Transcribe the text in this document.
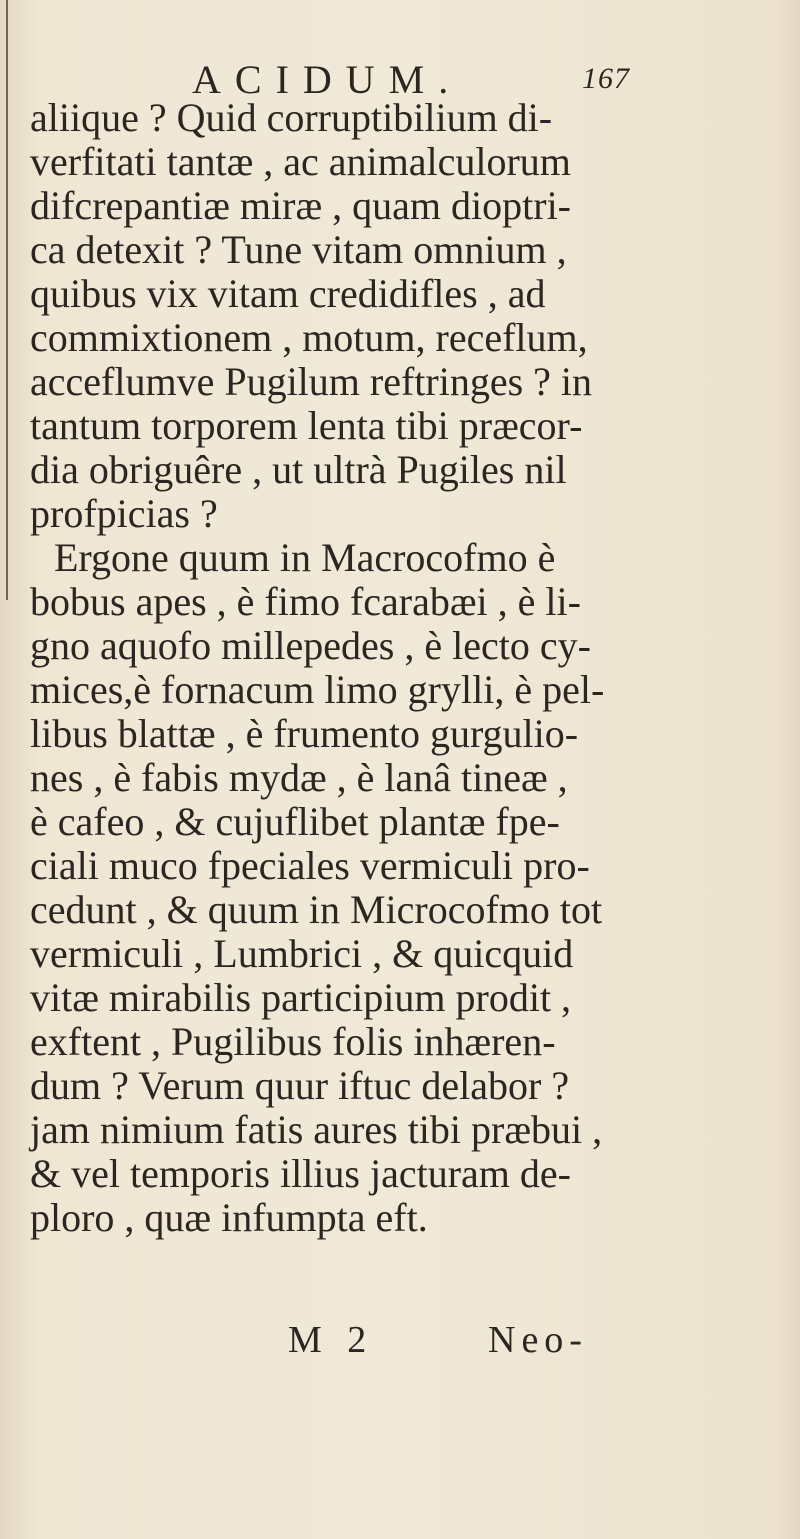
ACIDUM.	167
aliique ? Quid corruptibilium di-
verfitati tantæ , ac animalculorum
difcrepantiæ miræ , quam dioptri-
ca detexit ? Tune vitam omnium ,
quibus vix vitam credidifles , ad
commixtionem , motum, receflum,
acceflumve Pugilum reftringes ? in
tantum torporem lenta tibi præcor-
dia obriguêre , ut ultrà Pugiles nil
profpicias ?
Ergone quum in Macrocofmo è
bobus apes , è fimo fcarabæi , è li-
gno aquofo millepedes , è lecto cy-
mices,è fornacum limo grylli, è pel-
libus blattæ , è frumento gurgulio-
nes , è fabis mydæ , è lanâ tineæ ,
è cafeo , & cujuflibet plantæ fpe-
ciali muco fpeciales vermiculi pro-
cedunt , & quum in Microcofmo tot
vermiculi , Lumbrici , & quicquid
vitæ mirabilis participium prodit ,
exftent , Pugilibus folis inhæren-
dum ? Verum quur iftuc delabor ?
jam nimium fatis aures tibi præbui ,
& vel temporis illius jacturam de-
ploro , quæ infumpta eft.
M 2	Neo-
